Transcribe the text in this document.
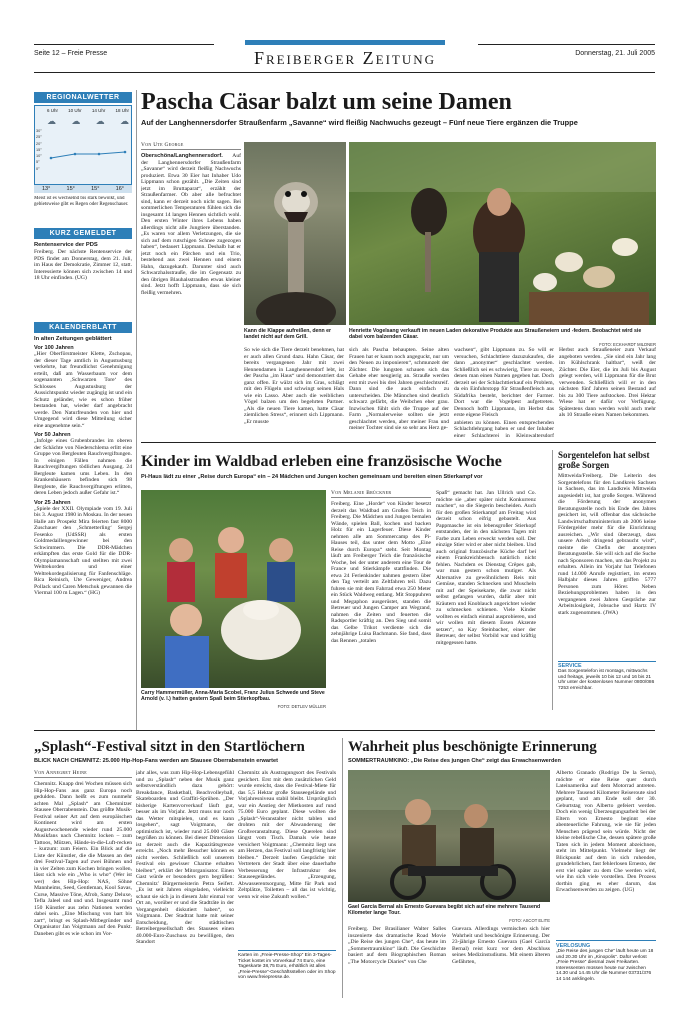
Seite 12 – Freie Presse	Freiberger Zeitung	Donnerstag, 21. Juli 2005
REGIONALWETTER
6 Uhr 10 Uhr 14 Uhr 18 Uhr
☁ ☁ ☁ ☁
30°
25°
20°
15°
10°
5°
0°
13°	15°	15°	16°
Meist ist es wechselnd bis stark bewölkt, und gebietsweise gibt es Regen oder Regenschauer.
KURZ GEMELDET
Rentenservice der PDS
Freiberg. Der nächste Rentenservice der PDS findet am Donnerstag, dem 21. Juli, im Haus der Demokratie, Zimmer 12, statt. Interessierte können sich zwischen 14 und 18 Uhr einfinden. (UG)
KALENDERBLATT
In alten Zeitungen geblättert
Vor 100 Jahren
„Hier Oberförstmeister Klette, Zschopau, der dieser Tage amtlich in Augustusburg verkehrte, hat freundlichst Genehmigung erteilt, daß am Wasserbaum vor dem sogenannten ‚Schwarzen Tore‘ des Schlosses Augustusburg der Aussichtspunkt wieder zugängig ist und ein Schutz geländer, wie es schon früher bestanden hat, wieder darf angebracht werde. Den Naturfreunden von hier und Umgegend wird diese Mitteilung sicher eine angenehme sein.“
Vor 50 Jahren
„Infolge eines Grubenbrandes im oberen der Schächte von Niederschlema erlitt eine Gruppe von Bergleuten Rauchvergiftungen. In einigen Fällen nahmen die Rauchvergiftungen tödlichen Ausgang. 24 Bergleute kamen ums Leben. In den Krankenhäusern befinden sich 98 Bergleute, die Rauchvergiftungen erlitten, deren Leben jedoch außer Gefahr ist.“
Vor 25 Jahren
„Spiele der XXII. Olympiade vom 19. Juli bis 3. August 1980 in Moskau. In der neuen Halle am Prospekt Mira feierten fast 8000 Zuschauer den ‚Schmetterling‘ Sergej Fesenko (UdSSR) als ersten Goldmedaillengewinner bei den Schwimmern. Die DDR-Mädchen erkämpften das erste Gold für die DDR-Olympiamannschaft und stellten mit zwei Weltrekorden und einer Weltrekordegalisierung für Fanfenschläge. Rica Reinisch, Ute Geweniger, Andrea Pollack und Caren Metschuk gewannen die Viermal 100 m Lagen.“ (HG)
Pascha Cäsar balzt um seine Damen
Auf der Langhennersdorfer Straußenfarm „Savanne“ wird fleißig Nachwuchs gezeugt – Fünf neue Tiere ergänzen die Truppe
Von Ute George
Oberschöna/Langhennersdorf. Auf der Langhennersdorfer Straußenfarm „Savanne“ wird derzeit fleißig Nachwuchs produziert. Etwa 30 Eier hat Inhaber Udo Lippmann schon gezählt. „Die Zeiten sind jetzt im Bruttaparat“, erzählt der Straußenfarmer. Ob aber alle befruchtet sind, kann er derzeit noch nicht sagen. Bei sommerlichen Temperaturen fühlen sich die insgesamt 14 langen Hennen sichtlich wohl. Den ersten Winter ihres Lebens haben allerdings nicht alle Jungtiere überstanden. „Es waren vor allem Verletzungen, die sie sich auf dem rutschigen Schnee zugezogen haben“, bedauert Lippmann. Deshalb hat er jetzt noch ein Pärchen und ein Trio, bestehend aus zwei Hennen und einem Hahn, dazugekauft. Darunter sind auch Schwarzhalsstrauße, die im Gegensatz zu den übrigen Blauhalsstraußen etwas kleiner sind. Jetzt hofft Lippmann, dass sie sich fleißig vermehren.
Kann die Klappe aufreißen, denn er landet nicht auf dem Grill.
Henriette Vogelsang verkauft im neuen Laden dekorative Produkte aus Straußeneiern und -federn. Beobachtet wird sie dabei vom balzenden Cäsar.
FOTO: ECKHARDT MILDNER
So wie sich die Tiere derzeit benehmen, hat er auch allen Grund dazu. Hahn Cäsar, der bereits vergangenen Jahr mit zwei Hennendamen in Langhennersdorf lebt, ist der Pascha „im Haus“ und demonstriert das ganz offen. Er wälzt sich im Gras, schlägt mit den Flügeln und schwingt seinen Hals wie ein Lasso. Aber auch die weiblichen Vögel balzen um den begehrten Partner. „Als die neuen Tiere kamen, hatte Cäsar ziemlichen Stress“, erinnert sich Lippmann. „Er musste
sich als Pascha behaupten. Seine alten Frauen hat er kaum noch angeguckt, nur um den Neuen zu imponieren“, schmunzelt der Züchter. Die lungsten schauen sich das Gehabe eher neugierig an. Strauße werden erst mit zwei bis drei Jahren geschlechtsreif. Dann sind die auch einfach zu unterscheiden. Die Männchen sind deutlich schwarz gefärbt, die Weibchen eher grau. Inzwischen fühlt sich die Truppe auf der Farm „Normalerweise sollten sie jetzt geschlachtet werden, aber meiner Frau und meiner Tochter sind sie so sehr ans Herz ge-
wachsen“, gibt Lippmann zu. So will er versuchen, Schlachttiere dazuzukaufen, die dann „anonymer“ geschlachtet werden. Schließlich sei es schwierig, Tiere zu essen, denen man einen Namen gegeben hat. Doch derzeit sei der Schlachttierkauf ein Problem, da ein Einfuhrstopp für Straußenfleisch aus Südafrika besteht, berichtet der Farmer. Dort war die Vogelpest aufgetreten. Dennoch hofft Lippmann, im Herbst das erste eigene Fleisch
anbieten zu können. Einen entsprechenden Schlachtlehrgang haben er und der Inhaber einer Schlachterei in Kleinwaltersdorf
Herbst auch Straußeneier zum Verkauf angeboten werden. „Sie sind ein Jahr lang im Kühlschrank haltbar“, weiß der Züchter. Die Eier, die im Juli bis August gelegt werden, will Lippmann für die Brut verwenden. Schließlich will er in den nächsten fünf Jahren seinen Bestand auf bis zu 300 Tiere aufstocken. Drei Hektar Wiese hat er dafür vor Verfügung. Spätestens dann werden wohl auch mehr als 10 Strauße einen Namen bekommen.
Kinder im Waldbad erleben eine französische Woche
Pi-Haus lädt zu einer „Reise durch Europa“ ein – 24 Mädchen und Jungen kochen gemeinsam und bereiten einen Stierkampf vor
Carry Hammermüller, Anna-Maria Scobel, Franz Julius Schwede und Steve Arnold (v. l.) hatten gestern Spaß beim Stierkopfbau.
FOTO: DETLEV MÜLLER
Von Melanie Brückner
Freiberg. Eine „Horde“ von Kinder besetzt derzeit das Waldbad am Großen Teich in Freiberg. Die Mädchen und Jungen bemalen Wände, spielen Ball, kochen und backen Holz für ein Lagerfeuer. Diese Kinder nehmen alle am Sommercamp des Pi-Hauses teil, das unter dem Motto „Eine Reise durch Europa“ steht. Seit Montag läuft am Freiberger Teich die französische Woche, bei der unter anderem eine Tour de France und Stierkämpfe stattfinden. Die etwa 24 Ferienkinder nahmen gestern über den Tag verteilt am Zeltfahren teil. Dazu fuhren sie mit dem Fahrrad etwa 250 Meter ein Stück Waldweg entlang. Mit Stoppuhren und Megaphon ausgerüstet, standen die Betreuer und Jungen Camper am Wegrand, nahmen die Zeiten und feuerten die Radsportler kräftig an. Den Sieg und somit das Gelbe Trikot verdiente sich die zehnjährige Luisa Bachmann. Sie fand, dass das Rennen „totalen
Spaß“ gemacht hat. Jan Ullrich und Co. möchte sie „aber später nicht Konkurrenz machen“, so die Siegerin bescheiden. Auch für den großen Stierkampf am Freitag wird derzeit schon eifrig gebastelt. Aus Pappmasche ist ein lebensgroßer Stierkopf entstanden, der in den nächsten Tagen mit Farbe zum Leben erweckt werden soll. Der einzige Stier wird er aber nicht bleiben. Und auch original französische Küche darf bei einem Frankreichbesuch natürlich nicht fehlen. Nachdem es Dienstag Crêpes gab, war man gestern schon mutiger. Als Alternative zu gewöhnlichem Reis mit Gemüse, standen Schnecken und Muscheln mit auf der Speisekarte, die zwar nicht selbst gefangen wurden, dafür aber mit Kräutern und Knoblauch angerichtet wieder zu schmecken schienen. Viele Kinder wollten es einfach einmal ausprobieren, und wir wollen mit diesem Essen Akzente setzen“, so Kay Steinbacher, einer der Betreuer, der selbst Vorbild war und kräftig mitgegessen hatte.
Sorgentelefon hat selbst große Sorgen
Mittweida/Freiberg. Die Leiterin des Sorgentelefons für den Landkreis Sachsen in Sachsen, das im Landkreis Mittweida angesiedelt ist, hat große Sorgen. Während die Förderung der anonymen Beratungsstelle noch bis Ende des Jahres gesichert ist, will offenbar das sächsische Landwirtschaftsministerium ab 2006 keine Fördergelder mehr für die Einrichtung ausreichen. „Wir sind überzeugt, dass unsere Arbeit dringend gebraucht wird“, meinte die Chefin der anonymen Beratungsstelle. Sie will sich auf die Suche nach Sponsoren machen, um das Projekt zu erhalten. Allein im Vorjahr hat Telefonen rund 14.000 Anrufe registriert, im ersten Halbjahr dieses Jahres griffen 5777 Personen zum Hörer. Neben Beziehungsproblemen haben in den vergangenen zwei Jahren Gespräche zur Arbeitslosigkeit, Jobsuche und Hartz IV stark zugenommen. (JWA)
SERVICE
Das Sorgentelefon ist montags, mittwochs und freitags, jeweils 10 bis 12 und 16 bis 21 Uhr unter der kostenlosen Nummer 0800/086 7253 erreichbar.
„Splash“-Festival sitzt in den Startlöchern
BLICK NACH CHEMNITZ: 25.000 Hip-Hop-Fans werden am Stausee Oberrabenstein erwartet
Von Annegret Heine
Chemnitz. Knapp drei Wochen müssen sich Hip-Hop-Fans aus ganz Europa noch gedulden. Dann heißt es zum nunmehr achten Mal „Splash“ am Chemnitzer Stausee Oberrabenstein. Das größte Musik-Festival seiner Art auf dem europäischen Kontinent wird am ersten Augustwochenende wieder rund 25.000 Musikfans nach Chemnitz locken – zum Tattoos, Mützen, Hände-in-die-Luft-recken – kurzum: zum Feiern. Ein Blick auf die Liste der Künstler, die die Massen an den drei Festival-Tagen auf zwei Bühnen und in vier Zelten zum Kochen bringen wollen, lässt sich wie ein „Who is who“ (Wer ist wer) des Hip-Hop: NAS, Söhne Mannheims, Seed, Gentleman, Kool Savas, Curse, Massive Töne, Afrob, Samy Deluxe, Tefla Jaleel und und und. Insgesamt rund 150 Künstler aus zehn Nationen werden dabei sein. „Eine Mischung von hart bis zart“, bringt es Splash-Mitbegründer und Organisator Jan Voigtmann auf den Punkt. Daneben gibt es wie schon im Vor-
jahr alles, was zum Hip-Hop-Lebensgefühl und zu „Splash“ neben der Musik ganz selbstverständlich dazu gehört: Breakdance, Basketball, Beachvolleyball, Skateboarden und Graffiti-Sprühen. „Der bisherige Kartenvorverkauf läuft gut, besser als im Vorjahr. Jetzt muss nur noch das Wetter mitspielen, und es kann losgehen“, sagt Voigtmann, der optimistisch ist, wieder rund 25.000 Gäste begrüßen zu können. Bei dieser Dimension ist derzeit auch die Kapazitätsgrenze erreicht. „Noch mehr Besucher können es nicht werden. Schließlich soll unserem Festival ein gewisser Charme erhalten bleiben“, erklärt der Mitorganisator. Einen Gast würde er besonders gern begrüßen: Chemnitz' Bürgermeisterin Petra Seifert. „Es ist seit Jahren eingeladen, vielleicht schaut sie sich ja in diesem Jahr einmal vor Ort an, worüber er und die Stadträte in der Vergangenheit diskutiert haben“, so Voigtmann. Der Stadtrat hatte mit seiner Entscheidung, der städtischen Betreibergesellschaft des Stausees einen 40.000-Euro-Zuschuss zu bewilligen, den Standort
Chemnitz als Austragungsort des Festivals gesichert. Erst mit dem zusätzlichen Geld wurde erreicht, dass die Festival-Miete für das 5,5 Hektar große Stauseegelände und Vorjahresniveau stabil bleibt. Ursprünglich war ein Anstieg der Mietkosten auf rund 75.000 Euro geplant. Diese wollten die „Splash“-Veranstalter nicht tablen und drohten mit der Abwanderung der Großveranstaltung. Diese Querelen sind längst vom Tisch. Damals wie heute versichert Voigtmann: „Chemnitz liegt uns am Herzen, das Festival soll langfristig hier bleiben.“ Derzeit laufen Gespräche mit Vertretern der Stadt über eine dauerhafte Verbesserung der Infrastruktur des Stauseegeländes. „Erzeugung, Abwasserentsorgung, Mitte für Park und Zeltplätze, Toiletten – all das ist wichtig, wenn wir eine Zukunft wollen.“
Karten im „Freie-Presse-Shop“ Ein 3-Tages-Ticket kostet im Vorverkauf 74 Euro, eine Tageskarte 38,75 Euro, erhältlich ist alles „Freie-Presse“-Geschäftsstellen oder im Shop von www.freiepresse.de.
Wahrheit plus beschönigte Erinnerung
SOMMERTRAUMKINO: „Die Reise des jungen Che“ zeigt das Erwachsenwerden
Gael García Bernal als Ernesto Guevara begibt sich auf eine mehrere Tausend Kilometer lange Tour.
FOTO: ASCOT ELITE
Freiberg. Der Brasilianer Walter Salles inszenierte das dramatische Road Movie „Die Reise des jungen Che“, das heute im „Sommertraumkino“ läuft. Die Geschichte basiert auf dem Biographischen Roman „The Motorcycle Diaries“ von Che
Guevara. Allerdings vermischen sich hier Wahrheit und beschönigte Erinnerung. Der 23-jährige Ernesto Guevara (Gael García Bernal) reist kurz vor dem Abschluss seines Medizinstudiums. Mit einem älteren Gefährten,
Alberto Granado (Rodrigo De la Serna), möchte er eine Reise quer durch Lateinamerika auf dem Motorrad antreten. Mehrere Tausend Kilometer Reiseroute sind geplant, und am Ende soll der 30. Geburtstag von Alberto gefeiert werden. Doch ein wenig Überzeugungsarbeit bei der Eltern von Ernesto beginnt eine abenteuerliche Fahrung, wie sie für jeden Menschen prägend sein würde. Nicht der kleine rebellische Che, dessen spätere große Taten sich in jedem Moment abzeichnen, steht im Mittelpunkt. Vielmehr liegt der Blickpunkt auf dem in sich ruhenden, grundehrlichen, fast fehlerlosen Ernesto, der erst viel später zu dem Che werden wird, wie ihn sich viele vorstellen. Den Prozess dorthin ging es eher darum, das Erwachsenwerden zu zeigen. (UG)
VERLOSUNG
„Die Reise des jungen Che“ läuft heute um 18 und 20.30 Uhr im „Kinopolis“. Dafür verlost „Freie Presse“ diesmal zwei Freikarten. Interessenten müssen heute nur zwischen 14.30 und 14.45 Uhr die Nummer 03731/376 14 144 anklingeln.
